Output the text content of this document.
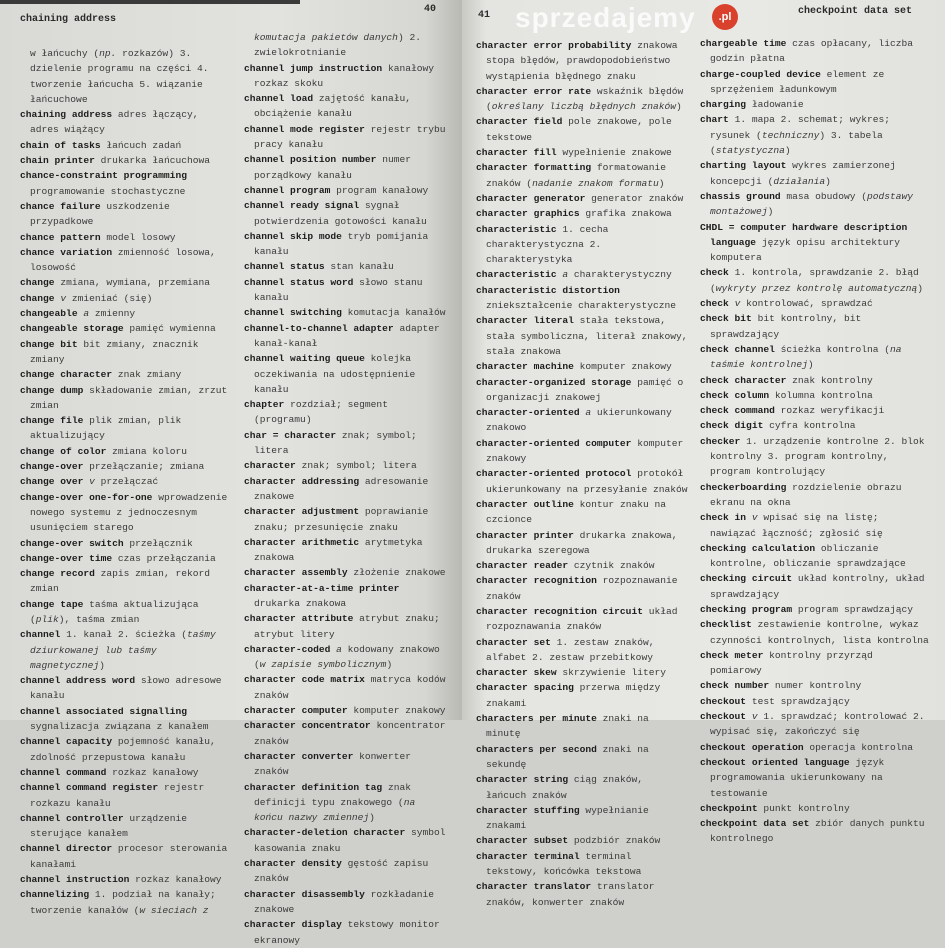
chaining address
40
41	checkpoint data set
w łańcuchy (np. rozkazów) 3. dzielenie programu na części 4. tworzenie łańcucha 5. wiązanie łańcuchowe
chaining address adres łączący, adres wiążący
chain of tasks łańcuch zadań
chain printer drukarka łańcuchowa
chance-constraint programming programowanie stochastyczne
chance failure uszkodzenie przypadkowe
chance pattern model losowy
chance variation zmienność losowa, losowość
change zmiana, wymiana, przemiana
change v zmieniać (się)
changeable a zmienny
changeable storage pamięć wymienna
change bit bit zmiany, znacznik zmiany
change character znak zmiany
change dump składowanie zmian, zrzut zmian
change file plik zmian, plik aktualizujący
change of color zmiana koloru
change-over przełączanie; zmiana
change over v przełączać
change-over one-for-one wprowadzenie nowego systemu z jednoczesnym usunięciem starego
change-over switch przełącznik
change-over time czas przełączania
change record zapis zmian, rekord zmian
change tape taśma aktualizująca (plik), taśma zmian
channel 1. kanał 2. ścieżka (taśmy dziurkowanej lub taśmy magnetycznej)
channel address word słowo adresowe kanału
channel associated signalling sygnalizacja związana z kanałem
channel capacity pojemność kanału, zdolność przepustowa kanału
channel command rozkaz kanałowy
channel command register rejestr rozkazu kanału
channel controller urządzenie sterujące kanałem
channel director procesor sterowania kanałami
channel instruction rozkaz kanałowy
channelizing 1. podział na kanały; tworzenie kanałów (w sieciach z
komutacja pakietów danych) 2. zwielokrotnianie
channel jump instruction kanałowy rozkaz skoku
channel load zajętość kanału, obciążenie kanału
channel mode register rejestr trybu pracy kanału
channel position number numer porządkowy kanału
channel program program kanałowy
channel ready signal sygnał potwierdzenia gotowości kanału
channel skip mode tryb pomijania kanału
channel status stan kanału
channel status word słowo stanu kanału
channel switching komutacja kanałów
channel-to-channel adapter adapter kanał-kanał
channel waiting queue kolejka oczekiwania na udostępnienie kanału
chapter rozdział; segment (programu)
char = character znak; symbol; litera
character znak; symbol; litera
character addressing adresowanie znakowe
character adjustment poprawianie znaku; przesunięcie znaku
character arithmetic arytmetyka znakowa
character assembly złożenie znakowe
character-at-a-time printer drukarka znakowa
character attribute atrybut znaku; atrybut litery
character-coded a kodowany znakowo (w zapisie symbolicznym)
character code matrix matryca kodów znaków
character computer komputer znakowy
character concentrator koncentrator znaków
character converter konwerter znaków
character definition tag znak definicji typu znakowego (na końcu nazwy zmiennej)
character-deletion character symbol kasowania znaku
character density gęstość zapisu znaków
character disassembly rozkładanie znakowe
character display tekstowy monitor ekranowy
character error probability znakowa stopa błędów, prawdopodobieństwo wystąpienia błędnego znaku
character error rate wskaźnik błędów (określany liczbą błędnych znaków)
character field pole znakowe, pole tekstowe
character fill wypełnienie znakowe
character formatting formatowanie znaków (nadanie znakom formatu)
character generator generator znaków
character graphics grafika znakowa
characteristic 1. cecha charakterystyczna 2. charakterystyka
characteristic a charakterystyczny
characteristic distortion zniekształcenie charakterystyczne
character literal stała tekstowa, stała symboliczna, literał znakowy, stała znakowa
character machine komputer znakowy
character-organized storage pamięć o organizacji znakowej
character-oriented a ukierunkowany znakowo
character-oriented computer komputer znakowy
character-oriented protocol protokół ukierunkowany na przesyłanie znaków
character outline kontur znaku na czcionce
character printer drukarka znakowa, drukarka szeregowa
character reader czytnik znaków
character recognition rozpoznawanie znaków
character recognition circuit układ rozpoznawania znaków
character set 1. zestaw znaków, alfabet 2. zestaw przebitkowy
character skew skrzywienie litery
character spacing przerwa między znakami
characters per minute znaki na minutę
characters per second znaki na sekundę
character string ciąg znaków, łańcuch znaków
character stuffing wypełnianie znakami
character subset podzbiór znaków
character terminal terminal tekstowy, końcówka tekstowa
character translator translator znaków, konwerter znaków
chargeable time czas opłacany, liczba godzin płatna
charge-coupled device element ze sprzężeniem ładunkowym
charging ładowanie
chart 1. mapa 2. schemat; wykres; rysunek (techniczny) 3. tabela (statystyczna)
charting layout wykres zamierzonej koncepcji (działania)
chassis ground masa obudowy (podstawy montażowej)
CHDL = computer hardware description language język opisu architektury komputera
check 1. kontrola, sprawdzanie 2. błąd (wykryty przez kontrolę automatyczną)
check v kontrolować, sprawdzać
check bit bit kontrolny, bit sprawdzający
check channel ścieżka kontrolna (na taśmie kontrolnej)
check character znak kontrolny
check column kolumna kontrolna
check command rozkaz weryfikacji
check digit cyfra kontrolna
checker 1. urządzenie kontrolne 2. blok kontrolny 3. program kontrolny, program kontrolujący
checkerboarding rozdzielenie obrazu ekranu na okna
check in v wpisać się na listę; nawiązać łączność; zgłosić się
checking calculation obliczanie kontrolne, obliczanie sprawdzające
checking circuit układ kontrolny, układ sprawdzający
checking program program sprawdzający
checklist zestawienie kontrolne, wykaz czynności kontrolnych, lista kontrolna
check meter kontrolny przyrząd pomiarowy
check number numer kontrolny
checkout test sprawdzający
checkout v 1. sprawdzać; kontrolować 2. wypisać się, zakończyć się
checkout operation operacja kontrolna
checkout oriented language język programowania ukierunkowany na testowanie
checkpoint punkt kontrolny
checkpoint data set zbiór danych punktu kontrolnego
sprzedajemy	.pl
